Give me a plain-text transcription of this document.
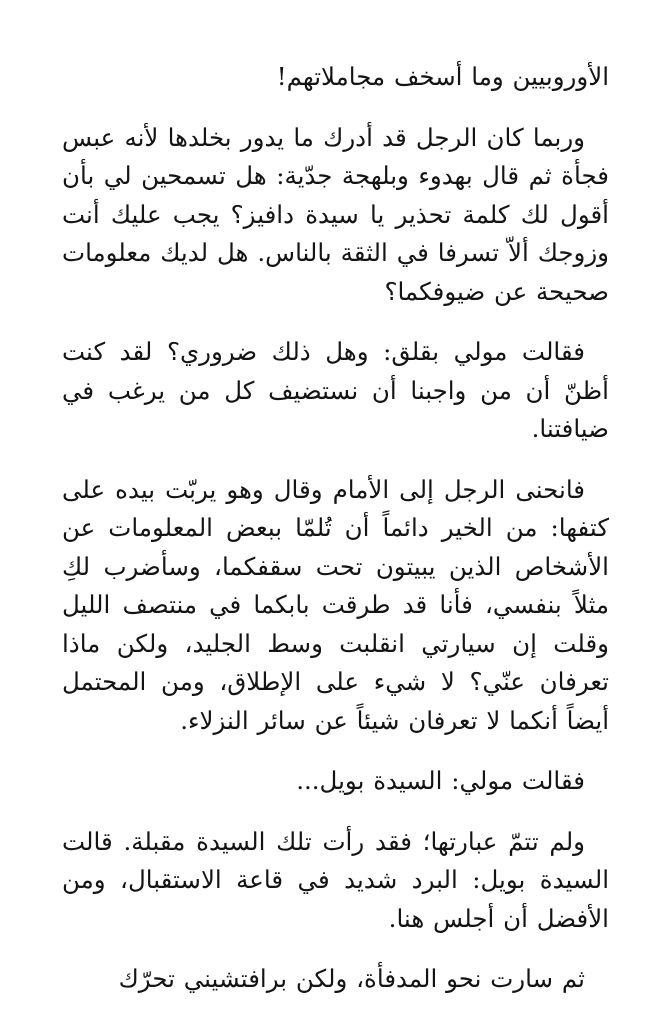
الأوروبيين وما أسخف مجاملاتهم!

وربما كان الرجل قد أدرك ما يدور بخلدها لأنه عبس فجأة ثم قال بهدوء وبلهجة جدّية: هل تسمحين لي بأن أقول لك كلمة تحذير يا سيدة دافيز؟ يجب عليك أنت وزوجك ألاّ تسرفا في الثقة بالناس. هل لديك معلومات صحيحة عن ضيوفكما؟

فقالت مولي بقلق: وهل ذلك ضروري؟ لقد كنت أظنّ أن من واجبنا أن نستضيف كل من يرغب في ضيافتنا.

فانحنى الرجل إلى الأمام وقال وهو يربّت بيده على كتفها: من الخير دائماً أن تُلمّا ببعض المعلومات عن الأشخاص الذين يبيتون تحت سقفكما، وسأضرب لكِ مثلاً بنفسي، فأنا قد طرقت بابكما في منتصف الليل وقلت إن سيارتي انقلبت وسط الجليد، ولكن ماذا تعرفان عنّي؟ لا شيء على الإطلاق، ومن المحتمل أيضاً أنكما لا تعرفان شيئاً عن سائر النزلاء.

فقالت مولي: السيدة بويل...

ولم تتمّ عبارتها؛ فقد رأت تلك السيدة مقبلة. قالت السيدة بويل: البرد شديد في قاعة الاستقبال، ومن الأفضل أن أجلس هنا.

ثم سارت نحو المدفأة، ولكن برافتشيني تحرّك
